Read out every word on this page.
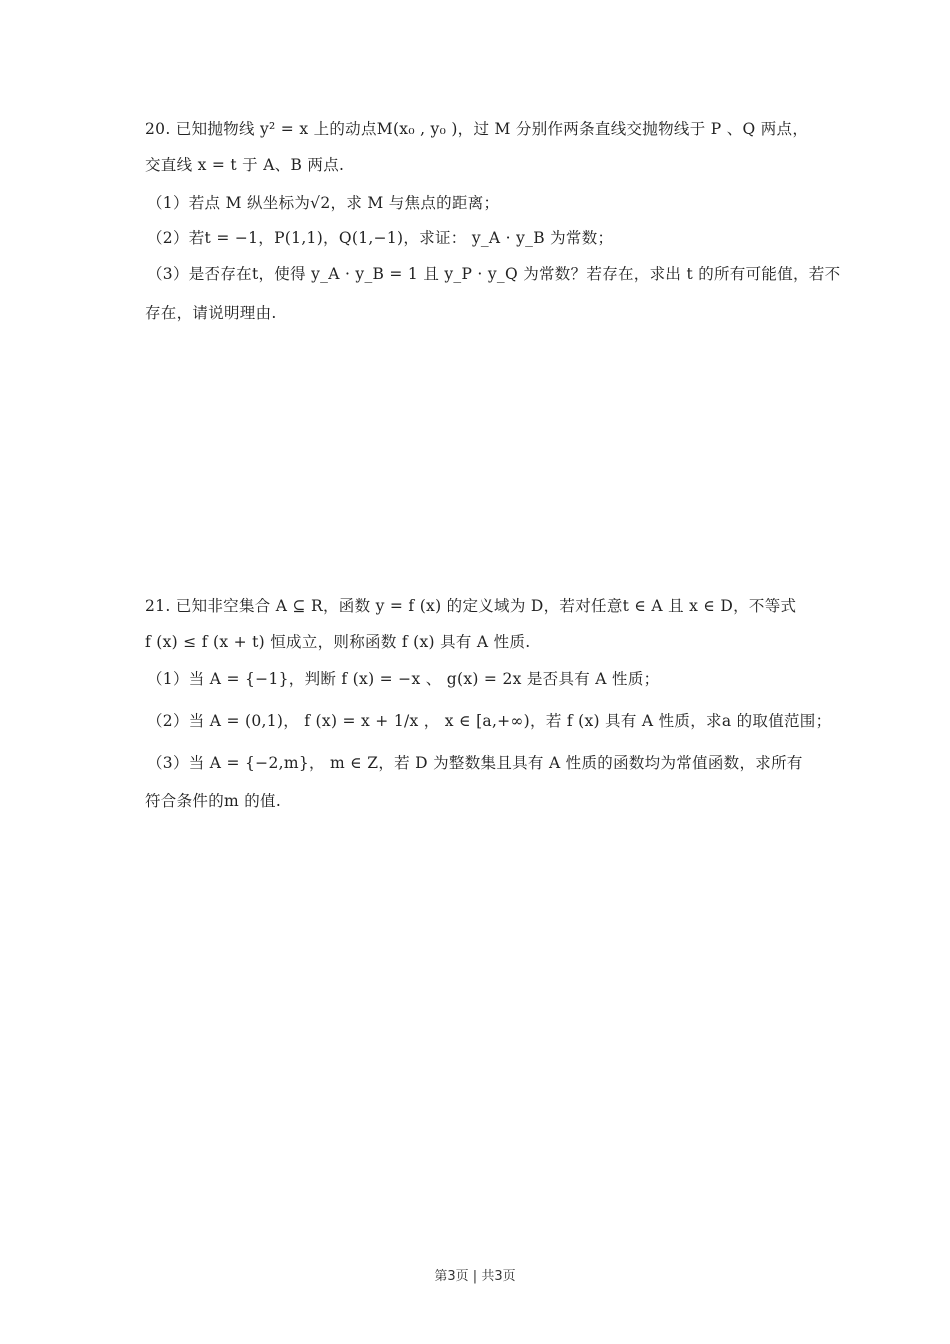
20. 已知抛物线 y² = x 上的动点M(x₀ , y₀ )，过 M 分别作两条直线交抛物线于 P 、Q 两点，
交直线 x = t 于 A、B 两点.
（1）若点 M 纵坐标为√2，求 M 与焦点的距离；
（2）若t = −1，P(1,1)，Q(1,−1)，求证： y_A · y_B 为常数；
（3）是否存在t，使得 y_A · y_B = 1 且 y_P · y_Q 为常数？若存在，求出 t 的所有可能值，若不
存在，请说明理由.
21. 已知非空集合 A ⊆ R，函数 y = f (x) 的定义域为 D，若对任意t ∈ A 且 x ∈ D，不等式
f (x) ≤ f (x + t) 恒成立，则称函数 f (x) 具有 A 性质.
（1）当 A = {−1}，判断 f (x) = −x 、 g(x) = 2x 是否具有 A 性质；
（2）当 A = (0,1)， f (x) = x + 1/x ， x ∈ [a,+∞)，若 f (x) 具有 A 性质，求a 的取值范围；
（3）当 A = {−2,m}， m ∈ Z，若 D 为整数集且具有 A 性质的函数均为常值函数，求所有
符合条件的m 的值.
第3页 | 共3页
